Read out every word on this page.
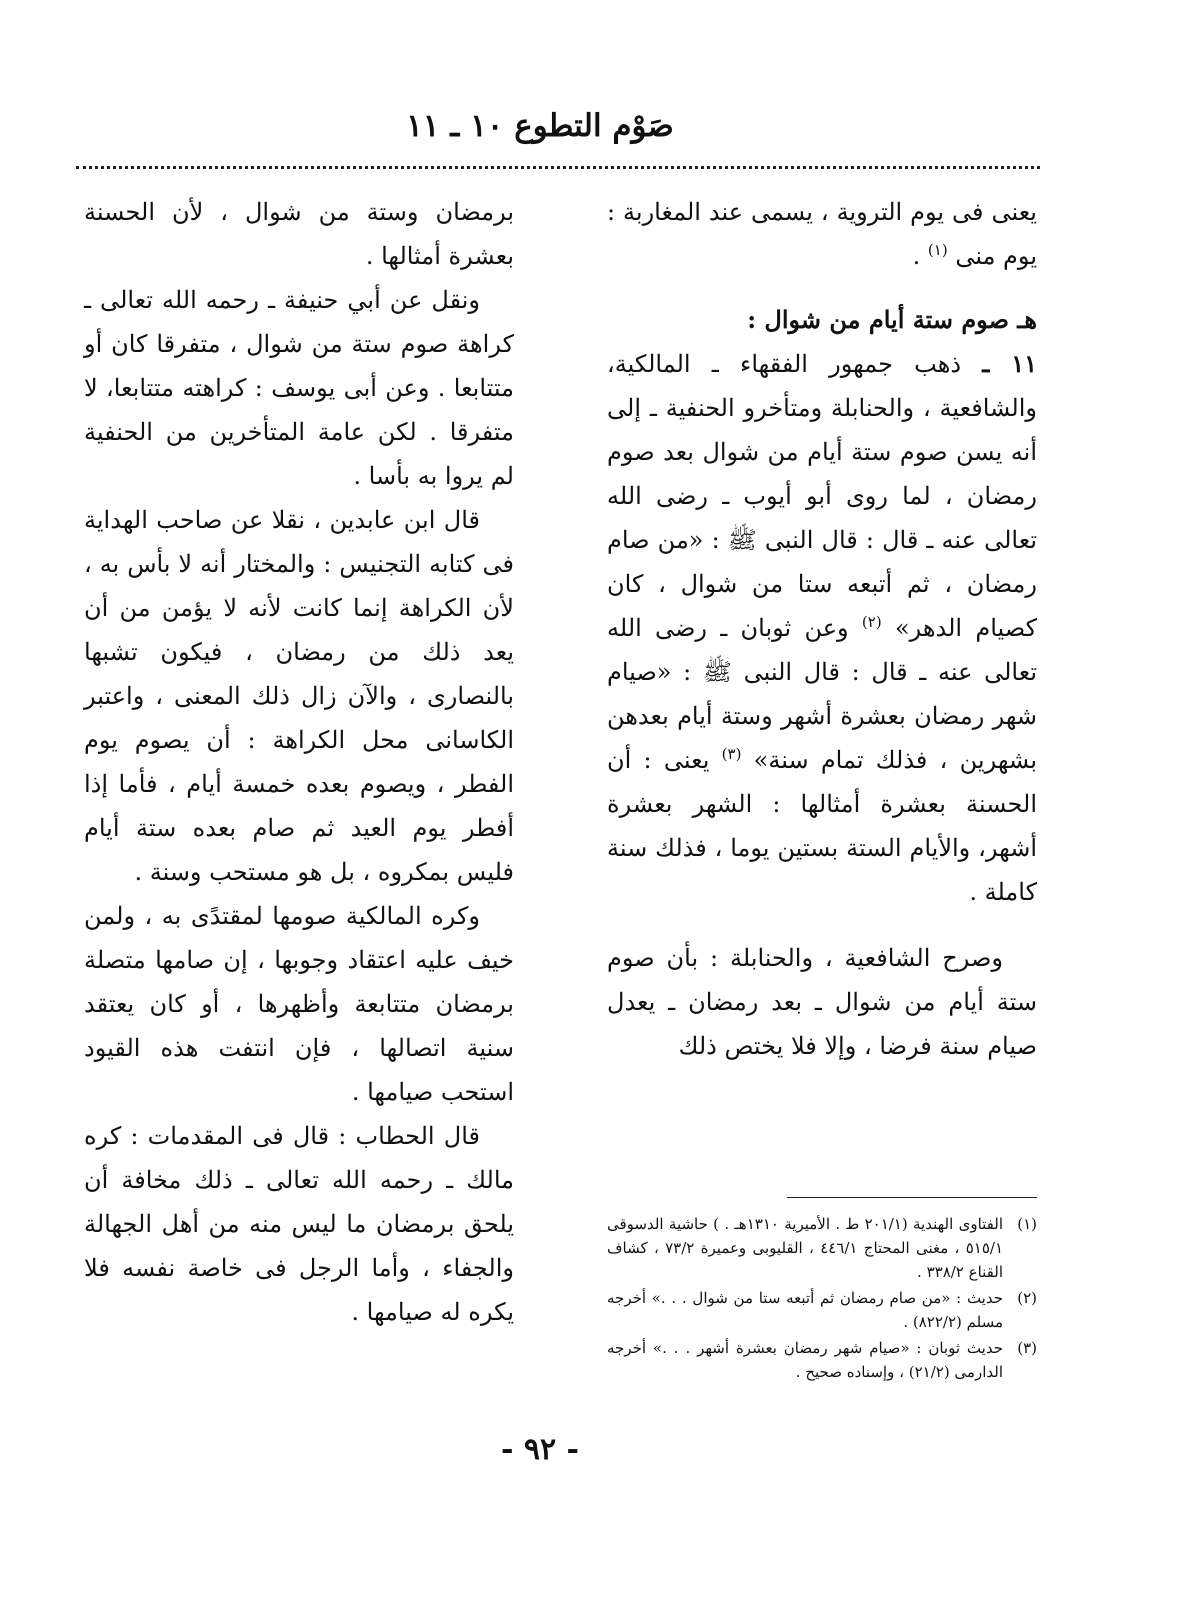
صَوْم التطوع ١٠ ـ ١١

يعنى فى يوم التروية ، يسمى عند المغاربة : يوم منى $^{(١)}$ .

هـ صوم ستة أيام من شوال :

١١ ـ ذهب جمهور الفقهاء ـ المالكية، والشافعية ، والحنابلة ومتأخرو الحنفية ـ إلى أنه يسن صوم ستة أيام من شوال بعد صوم رمضان ، لما روى أبو أيوب ـ رضى الله تعالى عنه ـ قال : قال النبى ﷺ : «من صام رمضان ، ثم أتبعه ستا من شوال ، كان كصيام الدهر» $^{(٢)}$ وعن ثوبان ـ رضى الله تعالى عنه ـ قال : قال النبى ﷺ : «صيام شهر رمضان بعشرة أشهر وستة أيام بعدهن بشهرين ، فذلك تمام سنة» $^{(٣)}$ يعنى : أن الحسنة بعشرة أمثالها : الشهر بعشرة أشهر، والأيام الستة بستين يوما ، فذلك سنة كاملة .

وصرح الشافعية ، والحنابلة : بأن صوم ستة أيام من شوال ـ بعد رمضان ـ يعدل صيام سنة فرضا ، وإلا فلا يختص ذلك

برمضان وستة من شوال ، لأن الحسنة بعشرة أمثالها .

ونقل عن أبي حنيفة ـ رحمه الله تعالى ـ كراهة صوم ستة من شوال ، متفرقا كان أو متتابعا . وعن أبى يوسف : كراهته متتابعا، لا متفرقا . لكن عامة المتأخرين من الحنفية لم يروا به بأسا .

قال ابن عابدين ، نقلا عن صاحب الهداية فى كتابه التجنيس : والمختار أنه لا بأس به ، لأن الكراهة إنما كانت لأنه لا يؤمن من أن يعد ذلك من رمضان ، فيكون تشبها بالنصارى ، والآن زال ذلك المعنى ، واعتبر الكاسانى محل الكراهة : أن يصوم يوم الفطر ، ويصوم بعده خمسة أيام ، فأما إذا أفطر يوم العيد ثم صام بعده ستة أيام فليس بمكروه ، بل هو مستحب وسنة .

وكره المالكية صومها لمقتدًى به ، ولمن خيف عليه اعتقاد وجوبها ، إن صامها متصلة برمضان متتابعة وأظهرها ، أو كان يعتقد سنية اتصالها ، فإن انتفت هذه القيود استحب صيامها .

قال الحطاب : قال فى المقدمات : كره مالك ـ رحمه الله تعالى ـ ذلك مخافة أن يلحق برمضان ما ليس منه من أهل الجهالة والجفاء ، وأما الرجل فى خاصة نفسه فلا يكره له صيامها .

(١)
الفتاوى الهندية (٢٠١/١ ط . الأميرية ١٣١٠هـ . ) حاشية الدسوقى ٥١٥/١ ، مغنى المحتاج ٤٤٦/١ ، القليوبى وعميرة ٧٣/٢ ، كشاف القناع ٣٣٨/٢ .
(٢)
حديث : «من صام رمضان ثم أتبعه ستا من شوال . . .» أخرجه مسلم (٨٢٢/٢) .
(٣)
حديث ثوبان : «صيام شهر رمضان بعشرة أشهر . . .» أخرجه الدارمى (٢١/٢) ، وإسناده صحيح .
- ٩٢ -
